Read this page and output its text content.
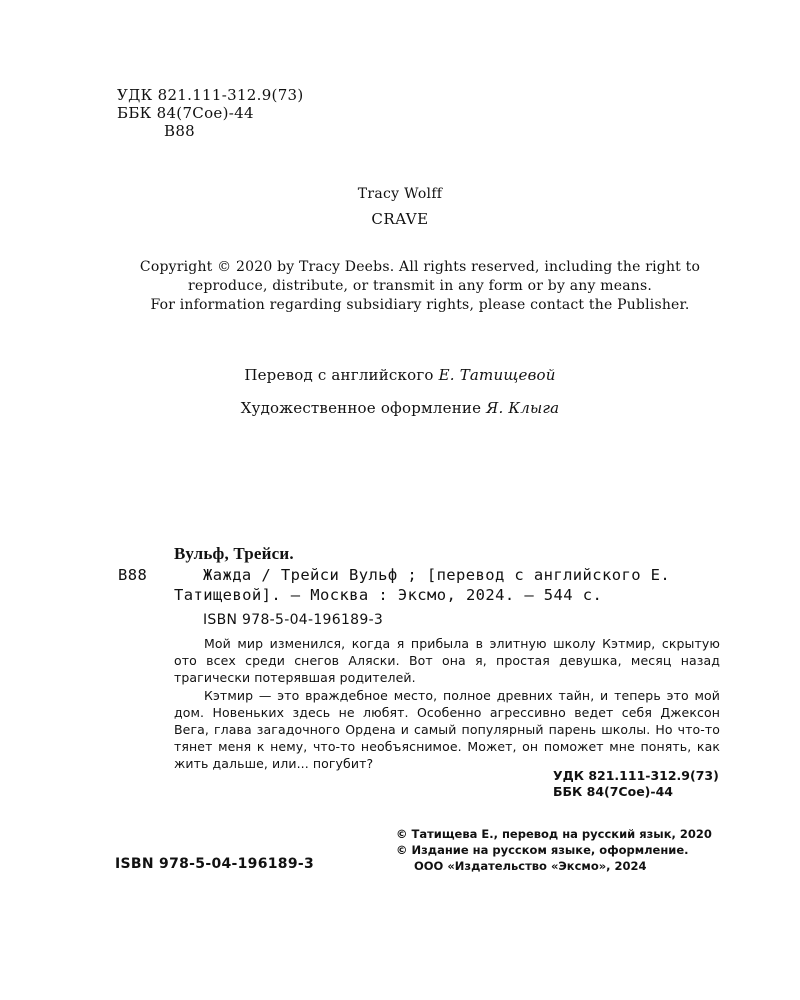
УДК 821.111-312.9(73)
ББК 84(7Сое)-44
В88
Tracy Wolff
CRAVE
Copyright © 2020 by Tracy Deebs. All rights reserved, including the right to
reproduce, distribute, or transmit in any form or by any means.
For information regarding subsidiary rights, please contact the Publisher.
Перевод с английского Е. Татищевой
Художественное оформление Я. Клыга
Вульф, Трейси.
В88	Жажда / Трейси Вульф ; [перевод с английского Е.
Татищевой]. — Москва : Эксмо, 2024. — 544 с.
ISBN 978-5-04-196189-3

Мой мир изменился, когда я прибыла в элитную школу Кэтмир, скрытую ото всех среди снегов Аляски. Вот она я, простая девушка, месяц назад трагически потерявшая родителей.

Кэтмир — это враждебное место, полное древних тайн, и теперь это мой дом. Новеньких здесь не любят. Особенно агрессивно ведет себя Джексон Вега, глава загадочного Ордена и самый популярный парень школы. Но что-то тянет меня к нему, что-то необъяснимое. Может, он поможет мне понять, как жить дальше, или... погубит?

УДК 821.111-312.9(73)
ББК 84(7Сое)-44
© Татищева Е., перевод на русский язык, 2020
© Издание на русском языке, оформление.
ООО «Издательство «Эксмо», 2024
ISBN 978-5-04-196189-3
